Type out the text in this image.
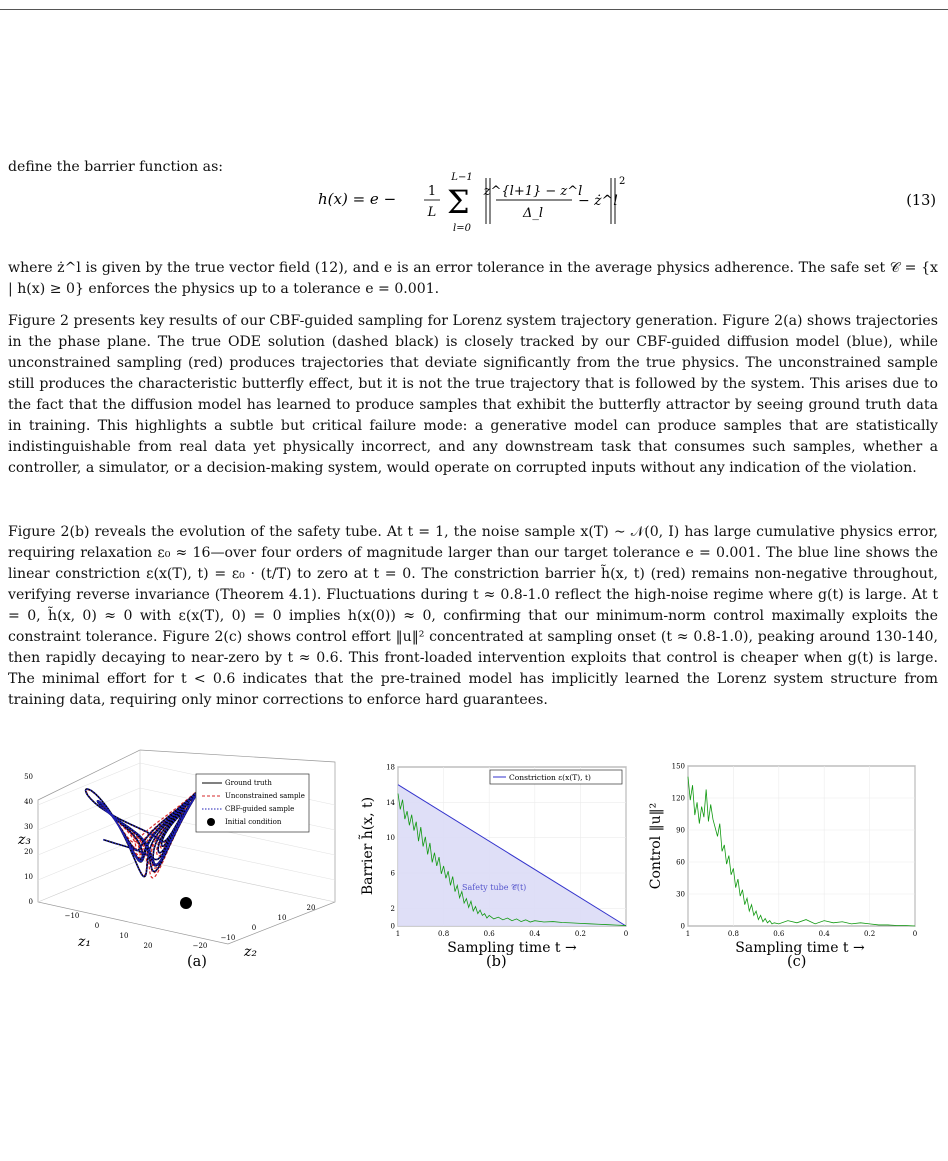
define the barrier function as:
h(x) = e − 1
L Σ
L−1
l=0
z^{l+1} − z^l
Δ_l
− ż^l
2
(13)
where ż^l is given by the true vector field (12), and e is an error tolerance in the average physics adherence. The safe set 𝒞 = {x | h(x) ≥ 0} enforces the physics up to a tolerance e = 0.001.
Figure 2 presents key results of our CBF-guided sampling for Lorenz system trajectory generation. Figure 2(a) shows trajectories in the phase plane. The true ODE solution (dashed black) is closely tracked by our CBF-guided diffusion model (blue), while unconstrained sampling (red) produces trajectories that deviate significantly from the true physics. The unconstrained sample still produces the characteristic butterfly effect, but it is not the true trajectory that is followed by the system. This arises due to the fact that the diffusion model has learned to produce samples that exhibit the butterfly attractor by seeing ground truth data in training. This highlights a subtle but critical failure mode: a generative model can produce samples that are statistically indistinguishable from real data yet physically incorrect, and any downstream task that consumes such samples, whether a controller, a simulator, or a decision-making system, would operate on corrupted inputs without any indication of the violation.
Figure 2(b) reveals the evolution of the safety tube. At t = 1, the noise sample x(T) ∼ 𝒩(0, I) has large cumulative physics error, requiring relaxation ε₀ ≈ 16—over four orders of magnitude larger than our target tolerance e = 0.001. The blue line shows the linear constriction ε(x(T), t) = ε₀ · (t/T) to zero at t = 0. The constriction barrier h̃(x, t) (red) remains non-negative throughout, verifying reverse invariance (Theorem 4.1). Fluctuations during t ≈ 0.8-1.0 reflect the high-noise regime where g(t) is large. At t = 0, h̃(x, 0) ≈ 0 with ε(x(T), 0) = 0 implies h(x(0)) ≈ 0, confirming that our minimum-norm control maximally exploits the constraint tolerance. Figure 2(c) shows control effort ‖u‖² concentrated at sampling onset (t ≈ 0.8-1.0), peaking around 130-140, then rapidly decaying to near-zero by t ≈ 0.6. This front-loaded intervention exploits that control is cheaper when g(t) is large. The minimal effort for t < 0.6 indicates that the pre-trained model has implicitly learned the Lorenz system structure from training data, requiring only minor corrections to enforce hard guarantees.
Ground truth
Unconstrained sample
CBF-guided sample
Initial condition
0
10
20
30
40
50
z₃
−10
0
10
20
z₁	−20
−10
0
10
20
z₂
Safety tube 𝒞̃(t)
Constriction ε(x(T), t)
1	0.8	0.6	0.4	0.2	0
0
2
6
10
14
18
Sampling time t →
Barrier h̃(x, t)
1	0.8	0.6	0.4	0.2	0
0
30
60
90
120
150
Sampling time t →
Control ‖u‖²
(a)	(b)	(c)
